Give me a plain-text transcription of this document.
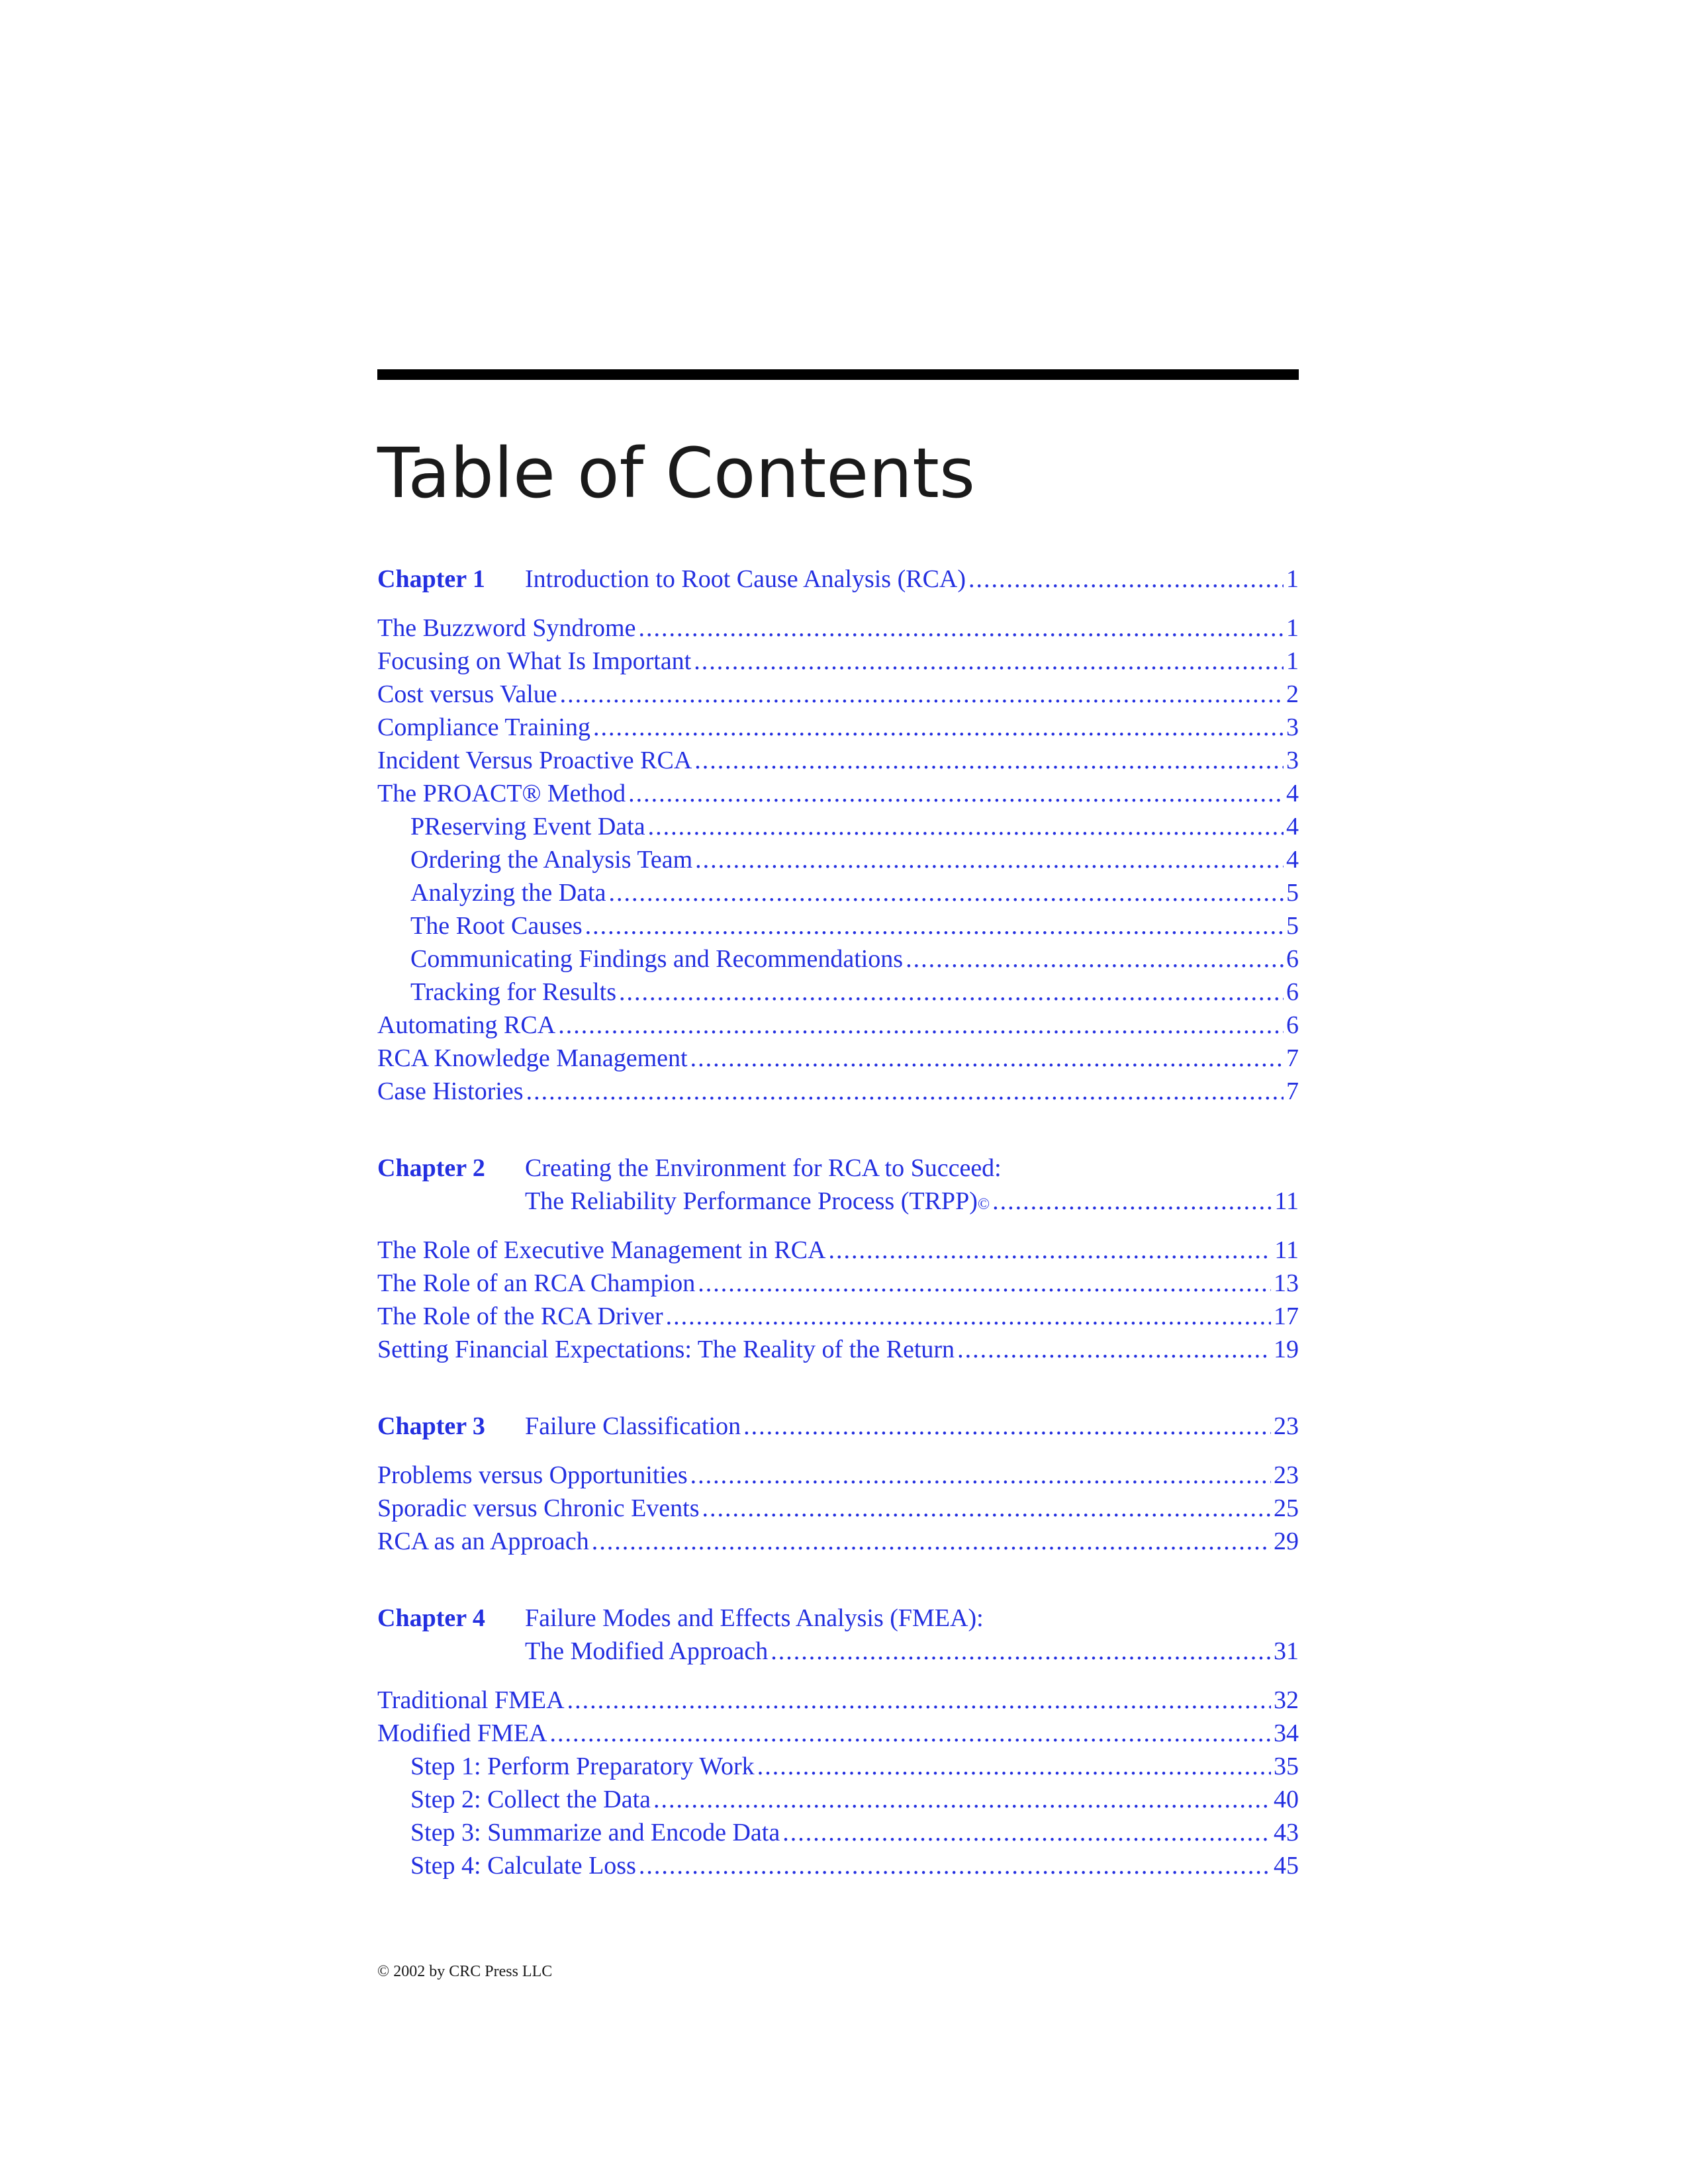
Table of Contents
Chapter 1	Introduction to Root Cause Analysis (RCA) .....	1
The Buzzword Syndrome .....	1
Focusing on What Is Important .....	1
Cost versus Value .....	2
Compliance Training .....	3
Incident Versus Proactive RCA .....	3
The PROACT® Method .....	4
PReserving Event Data .....	4
Ordering the Analysis Team .....	4
Analyzing the Data .....	5
The Root Causes .....	5
Communicating Findings and Recommendations .....	6
Tracking for Results .....	6
Automating RCA .....	6
RCA Knowledge Management .....	7
Case Histories .....	7
Chapter 2	Creating the Environment for RCA to Succeed:
The Reliability Performance Process (TRPP) © .....	11
The Role of Executive Management in RCA .....	11
The Role of an RCA Champion .....	13
The Role of the RCA Driver .....	17
Setting Financial Expectations: The Reality of the Return .....	19
Chapter 3	Failure Classification .....	23
Problems versus Opportunities .....	23
Sporadic versus Chronic Events .....	25
RCA as an Approach .....	29
Chapter 4	Failure Modes and Effects Analysis (FMEA):
The Modified Approach .....	31
Traditional FMEA .....	32
Modified FMEA .....	34
Step 1: Perform Preparatory Work .....	35
Step 2: Collect the Data .....	40
Step 3: Summarize and Encode Data .....	43
Step 4: Calculate Loss .....	45
© 2002 by CRC Press LLC
